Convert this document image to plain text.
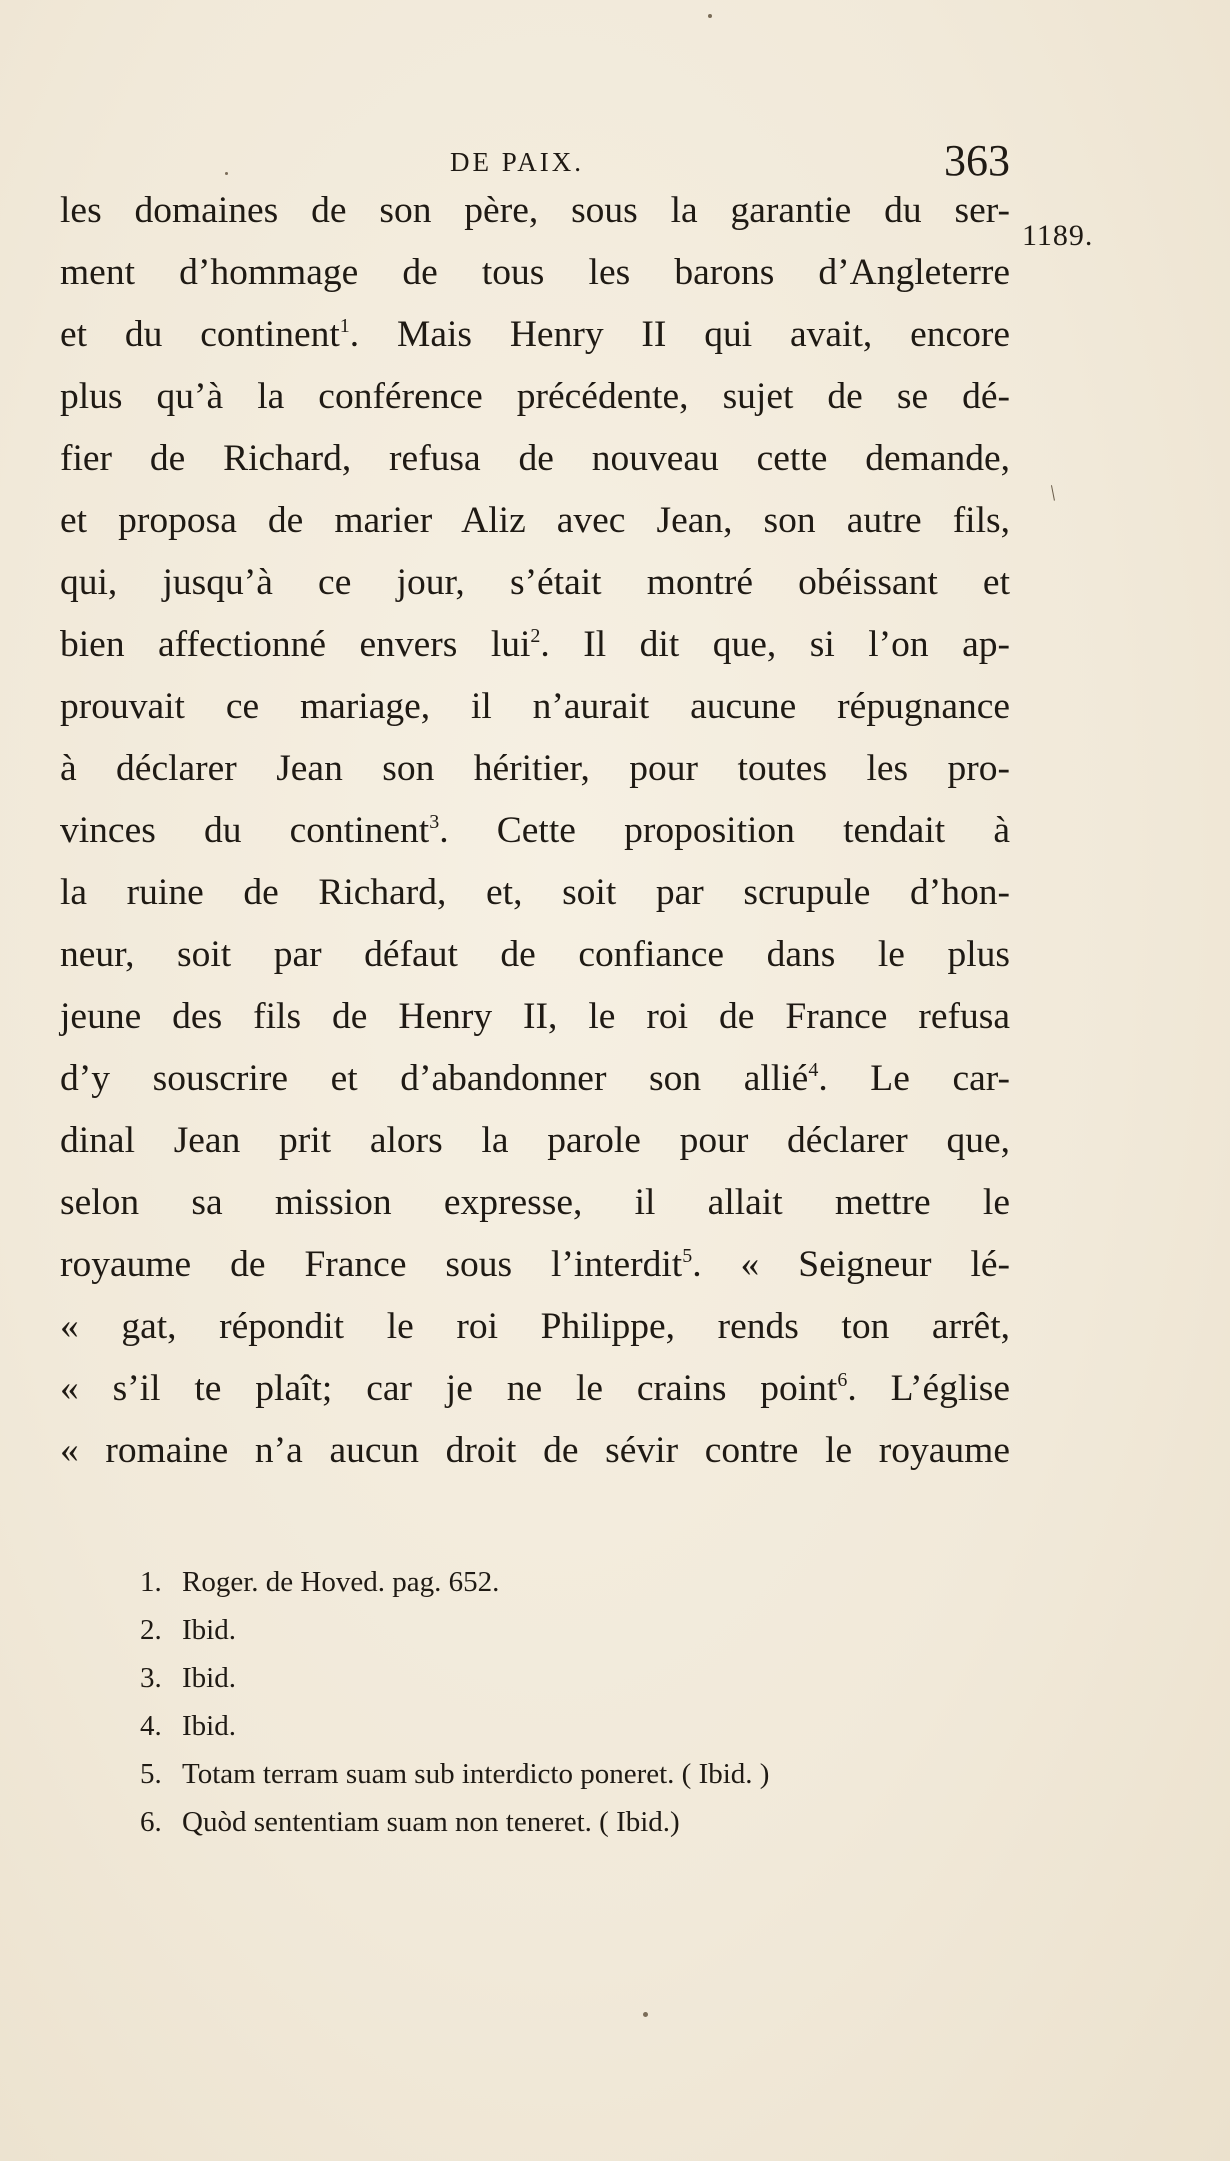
DE PAIX.	363
1189.
/
les domaines de son père, sous la garantie du ser-
ment d’hommage de tous les barons d’Angleterre
et du continent$^1$. Mais Henry II qui avait, encore
plus qu’à la conférence précédente, sujet de se dé-
fier de Richard, refusa de nouveau cette demande,
et proposa de marier Aliz avec Jean, son autre fils,
qui, jusqu’à ce jour, s’était montré obéissant et
bien affectionné envers lui$^2$. Il dit que, si l’on ap-
prouvait ce mariage, il n’aurait aucune répugnance
à déclarer Jean son héritier, pour toutes les pro-
vinces du continent$^3$. Cette proposition tendait à
la ruine de Richard, et, soit par scrupule d’hon-
neur, soit par défaut de confiance dans le plus
jeune des fils de Henry II, le roi de France refusa
d’y souscrire et d’abandonner son allié$^4$. Le car-
dinal Jean prit alors la parole pour déclarer que,
selon sa mission expresse, il allait mettre le
royaume de France sous l’interdit$^5$. « Seigneur lé-
« gat, répondit le roi Philippe, rends ton arrêt,
« s’il te plaît; car je ne le crains point$^6$. L’église
« romaine n’a aucun droit de sévir contre le royaume
1. Roger. de Hoved. pag. 652.
2. Ibid.
3. Ibid.
4. Ibid.
5. Totam terram suam sub interdicto poneret. ( Ibid. )
6. Quòd sententiam suam non teneret. ( Ibid.)
